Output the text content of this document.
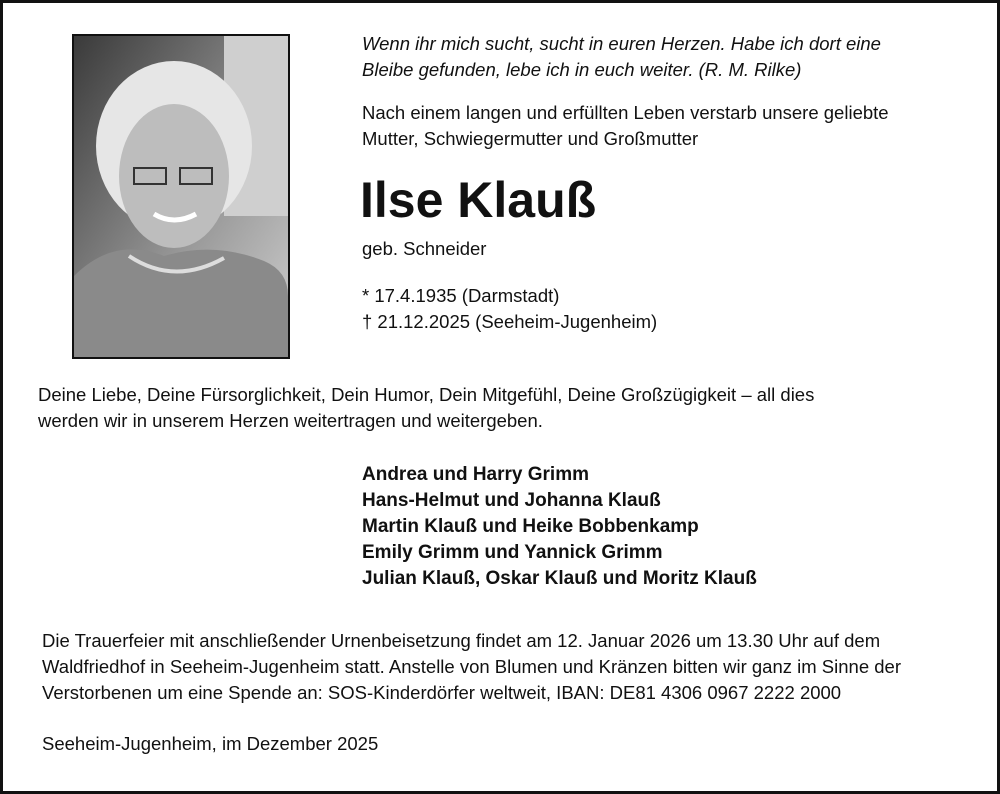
Wenn ihr mich sucht, sucht in euren Herzen. Habe ich dort eine
Bleibe gefunden, lebe ich in euch weiter. (R. M. Rilke)
Nach einem langen und erfüllten Leben verstarb unsere geliebte
Mutter, Schwiegermutter und Großmutter
Ilse Klauß
geb. Schneider
* 17.4.1935 (Darmstadt)
† 21.12.2025 (Seeheim-Jugenheim)
Deine Liebe, Deine Fürsorglichkeit, Dein Humor, Dein Mitgefühl, Deine Großzügigkeit – all dies
werden wir in unserem Herzen weitertragen und weitergeben.
Andrea und Harry Grimm
Hans-Helmut und Johanna Klauß
Martin Klauß und Heike Bobbenkamp
Emily Grimm und Yannick Grimm
Julian Klauß, Oskar Klauß und Moritz Klauß
Die Trauerfeier mit anschließender Urnenbeisetzung findet am 12. Januar 2026 um 13.30 Uhr auf dem
Waldfriedhof in Seeheim-Jugenheim statt. Anstelle von Blumen und Kränzen bitten wir ganz im Sinne der
Verstorbenen um eine Spende an: SOS-Kinderdörfer weltweit, IBAN: DE81 4306 0967 2222 2000
Seeheim-Jugenheim, im Dezember 2025
